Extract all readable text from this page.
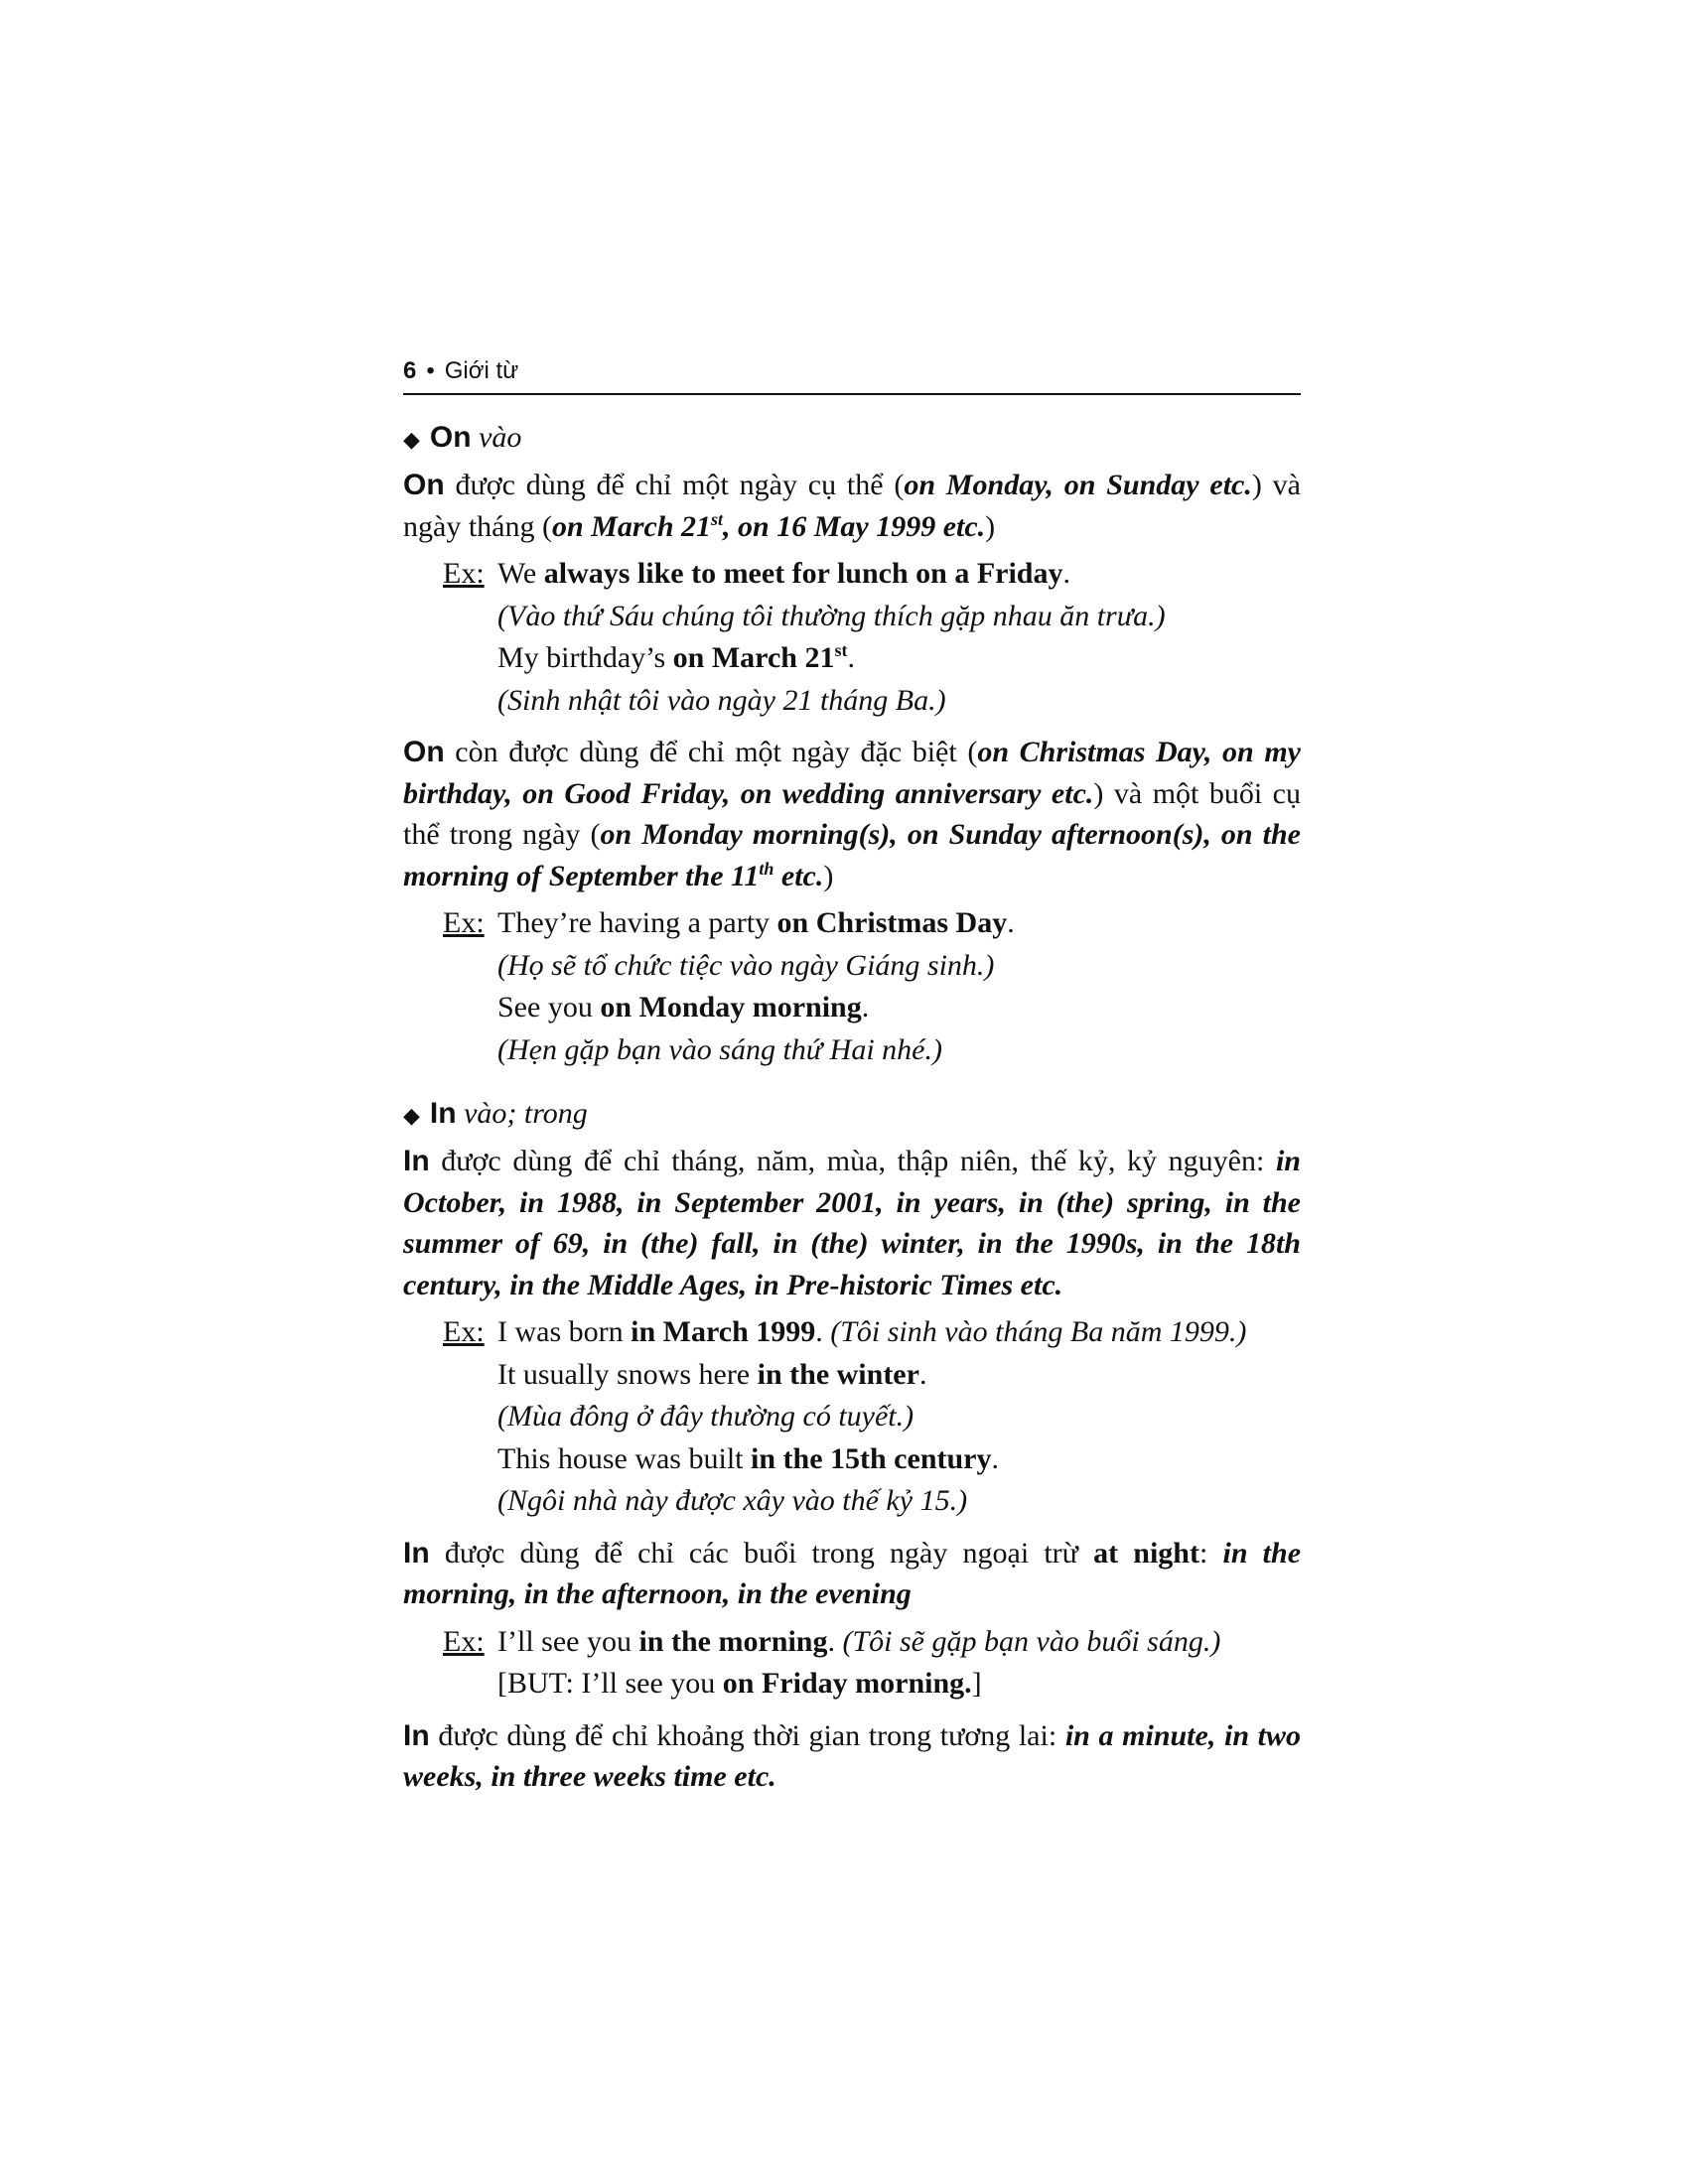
6 • Giới từ
◆ On vào
On được dùng để chỉ một ngày cụ thể (on Monday, on Sunday etc.) và ngày tháng (on March 21st, on 16 May 1999 etc.)
Ex: We always like to meet for lunch on a Friday.
(Vào thứ Sáu chúng tôi thường thích gặp nhau ăn trưa.)
My birthday’s on March 21st.
(Sinh nhật tôi vào ngày 21 tháng Ba.)
On còn được dùng để chỉ một ngày đặc biệt (on Christmas Day, on my birthday, on Good Friday, on wedding anniversary etc.) và một buổi cụ thể trong ngày (on Monday morning(s), on Sunday afternoon(s), on the morning of September the 11th etc.)
Ex: They’re having a party on Christmas Day.
(Họ sẽ tổ chức tiệc vào ngày Giáng sinh.)
See you on Monday morning.
(Hẹn gặp bạn vào sáng thứ Hai nhé.)
◆ In vào; trong
In được dùng để chỉ tháng, năm, mùa, thập niên, thế kỷ, kỷ nguyên: in October, in 1988, in September 2001, in years, in (the) spring, in the summer of 69, in (the) fall, in (the) winter, in the 1990s, in the 18th century, in the Middle Ages, in Pre-historic Times etc.
Ex: I was born in March 1999. (Tôi sinh vào tháng Ba năm 1999.)
It usually snows here in the winter.
(Mùa đông ở đây thường có tuyết.)
This house was built in the 15th century.
(Ngôi nhà này được xây vào thế kỷ 15.)
In được dùng để chỉ các buổi trong ngày ngoại trừ at night: in the morning, in the afternoon, in the evening
Ex: I’ll see you in the morning. (Tôi sẽ gặp bạn vào buổi sáng.)
[BUT: I’ll see you on Friday morning.]
In được dùng để chỉ khoảng thời gian trong tương lai: in a minute, in two weeks, in three weeks time etc.
